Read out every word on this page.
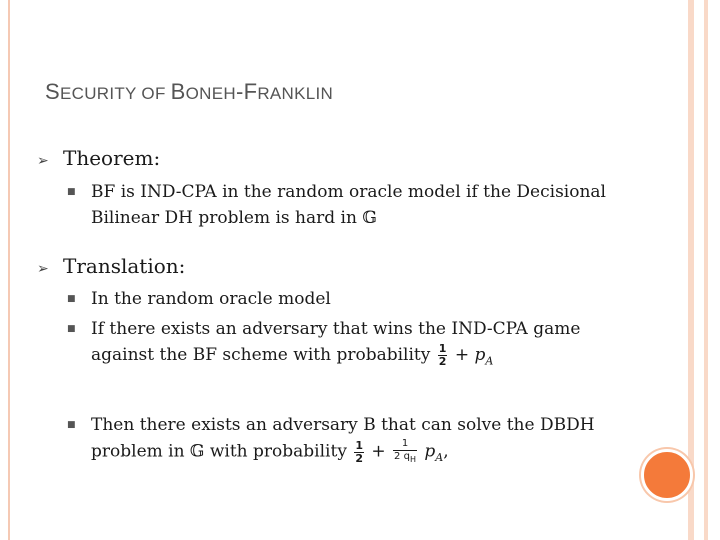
SECURITY OF BONEH-FRANKLIN
➢ Theorem:
■ BF is IND-CPA in the random oracle model if the Decisional Bilinear DH problem is hard in 𝔾
➢ Translation:
■ In the random oracle model
■ If there exists an adversary that wins the IND-CPA game against the BF scheme with probability $\frac{1}{2} + p_A$
■ Then there exists an adversary B that can solve the DBDH problem in 𝔾 with probability $\frac{1}{2} + \frac{1}{2 q_H} p_A$,
